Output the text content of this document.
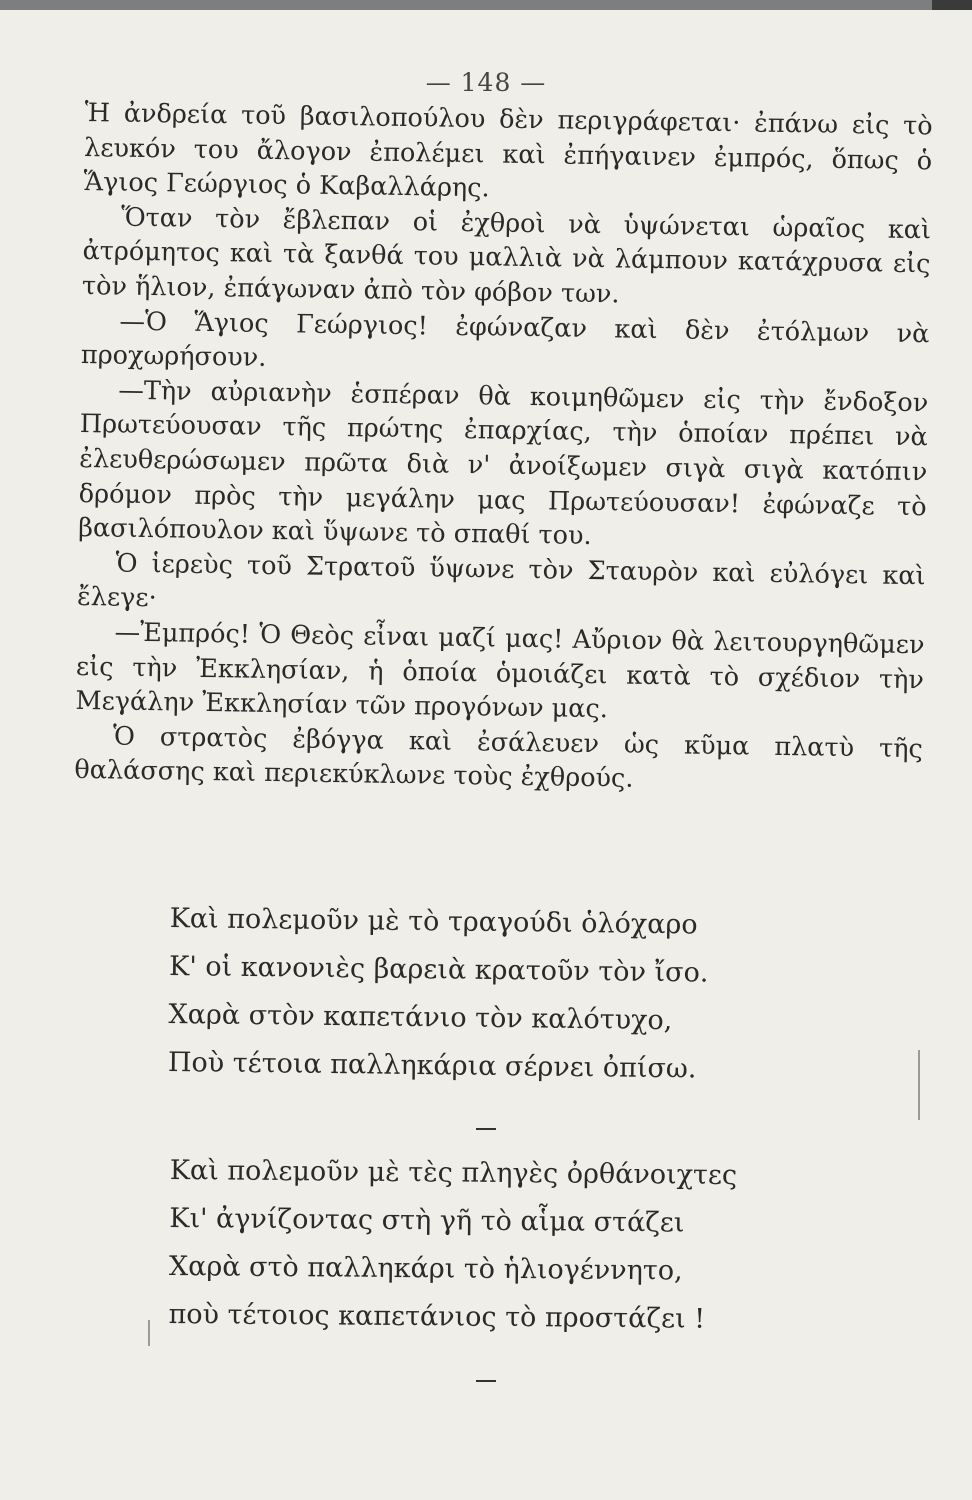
— 148 —

Ἡ ἀνδρεία τοῦ βασιλοπούλου δὲν περιγράφεται· ἐπάνω εἰς τὸ λευκόν του ἄλογον ἐπολέμει καὶ ἐπήγαινεν ἐμπρός, ὅπως ὁ Ἅγιος Γεώργιος ὁ Καβαλλάρης.

Ὅταν τὸν ἔβλεπαν οἱ ἐχθροὶ νὰ ὑψώνεται ὡραῖος καὶ ἀτρόμητος καὶ τὰ ξανθά του μαλλιὰ νὰ λάμπουν κατάχρυσα εἰς τὸν ἥλιον, ἐπάγωναν ἀπὸ τὸν φόβον των.

—Ὁ Ἅγιος Γεώργιος! ἐφώναζαν καὶ δὲν ἐτόλμων νὰ προχωρήσουν.

—Τὴν αὐριανὴν ἑσπέραν θὰ κοιμηθῶμεν εἰς τὴν ἔνδοξον Πρωτεύουσαν τῆς πρώτης ἐπαρχίας, τὴν ὁποίαν πρέπει νὰ ἐλευθερώσωμεν πρῶτα διὰ ν' ἀνοίξωμεν σιγὰ σιγὰ κατόπιν δρόμον πρὸς τὴν μεγάλην μας Πρωτεύουσαν! ἐφώναζε τὸ βασιλόπουλον καὶ ὕψωνε τὸ σπαθί του.

Ὁ ἱερεὺς τοῦ Στρατοῦ ὕψωνε τὸν Σταυρὸν καὶ εὐλόγει καὶ ἔλεγε·

—Ἐμπρός! Ὁ Θεὸς εἶναι μαζί μας! Αὔριον θὰ λειτουργηθῶμεν εἰς τὴν Ἐκκλησίαν, ἡ ὁποία ὁμοιάζει κατὰ τὸ σχέδιον τὴν Μεγάλην Ἐκκλησίαν τῶν προγόνων μας.

Ὁ στρατὸς ἐβόγγα καὶ ἐσάλευεν ὡς κῦμα πλατὺ τῆς θαλάσσης καὶ περιεκύκλωνε τοὺς ἐχθρούς.

Καὶ πολεμοῦν μὲ τὸ τραγούδι ὁλόχαρο
Κ' οἱ κανονιὲς βαρειὰ κρατοῦν τὸν ἴσο.
Χαρὰ στὸν καπετάνιο τὸν καλότυχο,
Ποὺ τέτοια παλληκάρια σέρνει ὀπίσω.
Καὶ πολεμοῦν μὲ τὲς πληγὲς ὀρθάνοιχτες
Κι' ἀγνίζοντας στὴ γῆ τὸ αἷμα στάζει
Χαρὰ στὸ παλληκάρι τὸ ἡλιογέννητο,
ποὺ τέτοιος καπετάνιος τὸ προστάζει !
